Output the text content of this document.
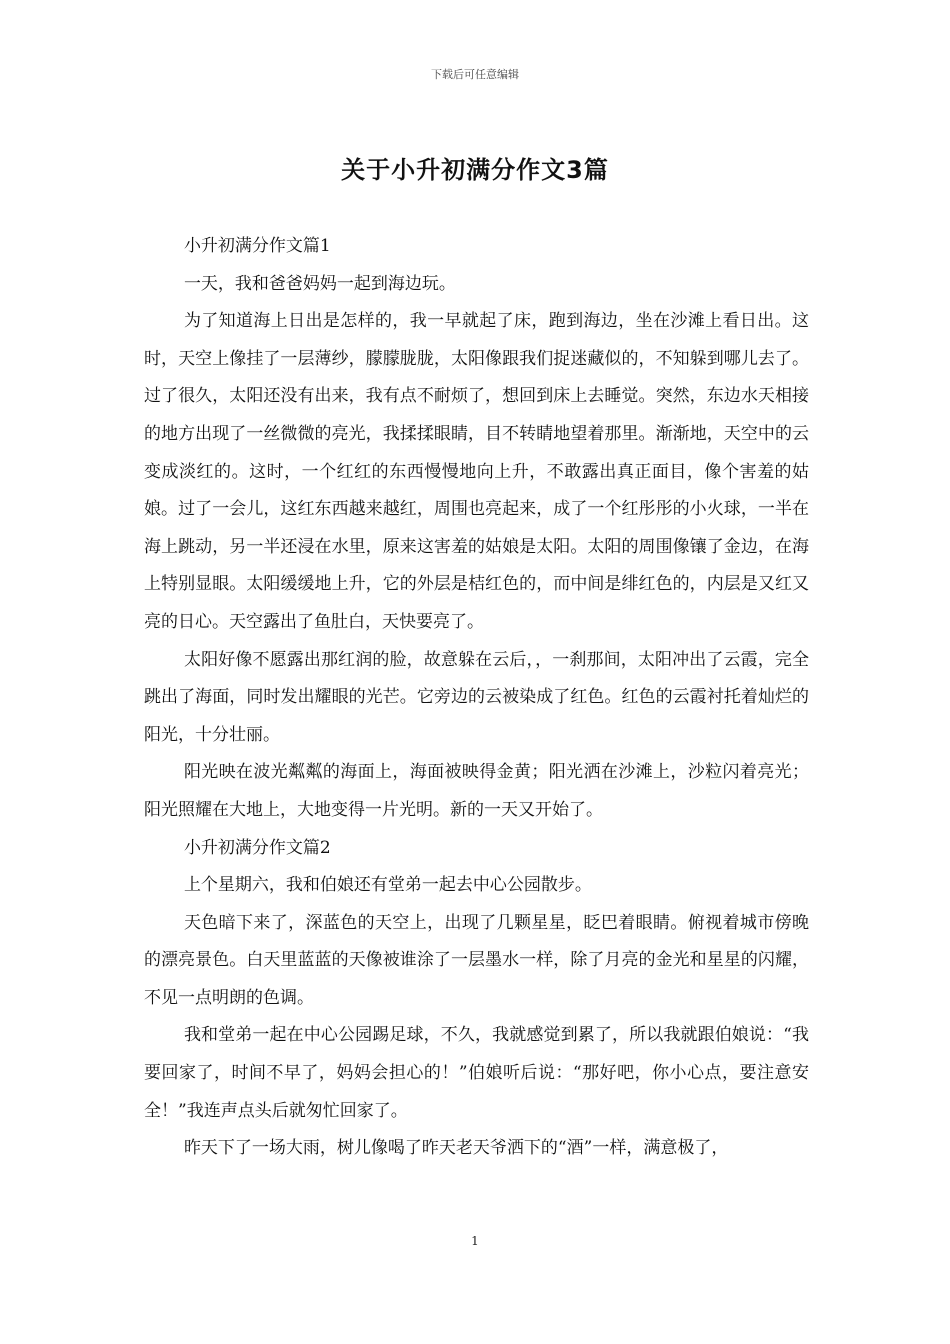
下载后可任意编辑
关于小升初满分作文3篇

小升初满分作文篇1

一天，我和爸爸妈妈一起到海边玩。

为了知道海上日出是怎样的，我一早就起了床，跑到海边，坐在沙滩上看日出。这时，天空上像挂了一层薄纱，朦朦胧胧，太阳像跟我们捉迷藏似的，不知躲到哪儿去了。过了很久，太阳还没有出来，我有点不耐烦了，想回到床上去睡觉。突然，东边水天相接的地方出现了一丝微微的亮光，我揉揉眼睛，目不转睛地望着那里。渐渐地，天空中的云变成淡红的。这时，一个红红的东西慢慢地向上升，不敢露出真正面目，像个害羞的姑娘。过了一会儿，这红东西越来越红，周围也亮起来，成了一个红彤彤的小火球，一半在海上跳动，另一半还浸在水里，原来这害羞的姑娘是太阳。太阳的周围像镶了金边，在海上特别显眼。太阳缓缓地上升，它的外层是桔红色的，而中间是绯红色的，内层是又红又亮的日心。天空露出了鱼肚白，天快要亮了。

太阳好像不愿露出那红润的脸，故意躲在云后，，一刹那间，太阳冲出了云霞，完全跳出了海面，同时发出耀眼的光芒。它旁边的云被染成了红色。红色的云霞衬托着灿烂的阳光，十分壮丽。

阳光映在波光粼粼的海面上，海面被映得金黄；阳光洒在沙滩上，沙粒闪着亮光；阳光照耀在大地上，大地变得一片光明。新的一天又开始了。

小升初满分作文篇2

上个星期六，我和伯娘还有堂弟一起去中心公园散步。

天色暗下来了，深蓝色的天空上，出现了几颗星星，眨巴着眼睛。俯视着城市傍晚的漂亮景色。白天里蓝蓝的天像被谁涂了一层墨水一样，除了月亮的金光和星星的闪耀，不见一点明朗的色调。

我和堂弟一起在中心公园踢足球，不久，我就感觉到累了，所以我就跟伯娘说：“我要回家了，时间不早了，妈妈会担心的！”伯娘听后说：“那好吧，你小心点，要注意安全！”我连声点头后就匆忙回家了。

昨天下了一场大雨，树儿像喝了昨天老天爷洒下的“酒”一样，满意极了，

1
